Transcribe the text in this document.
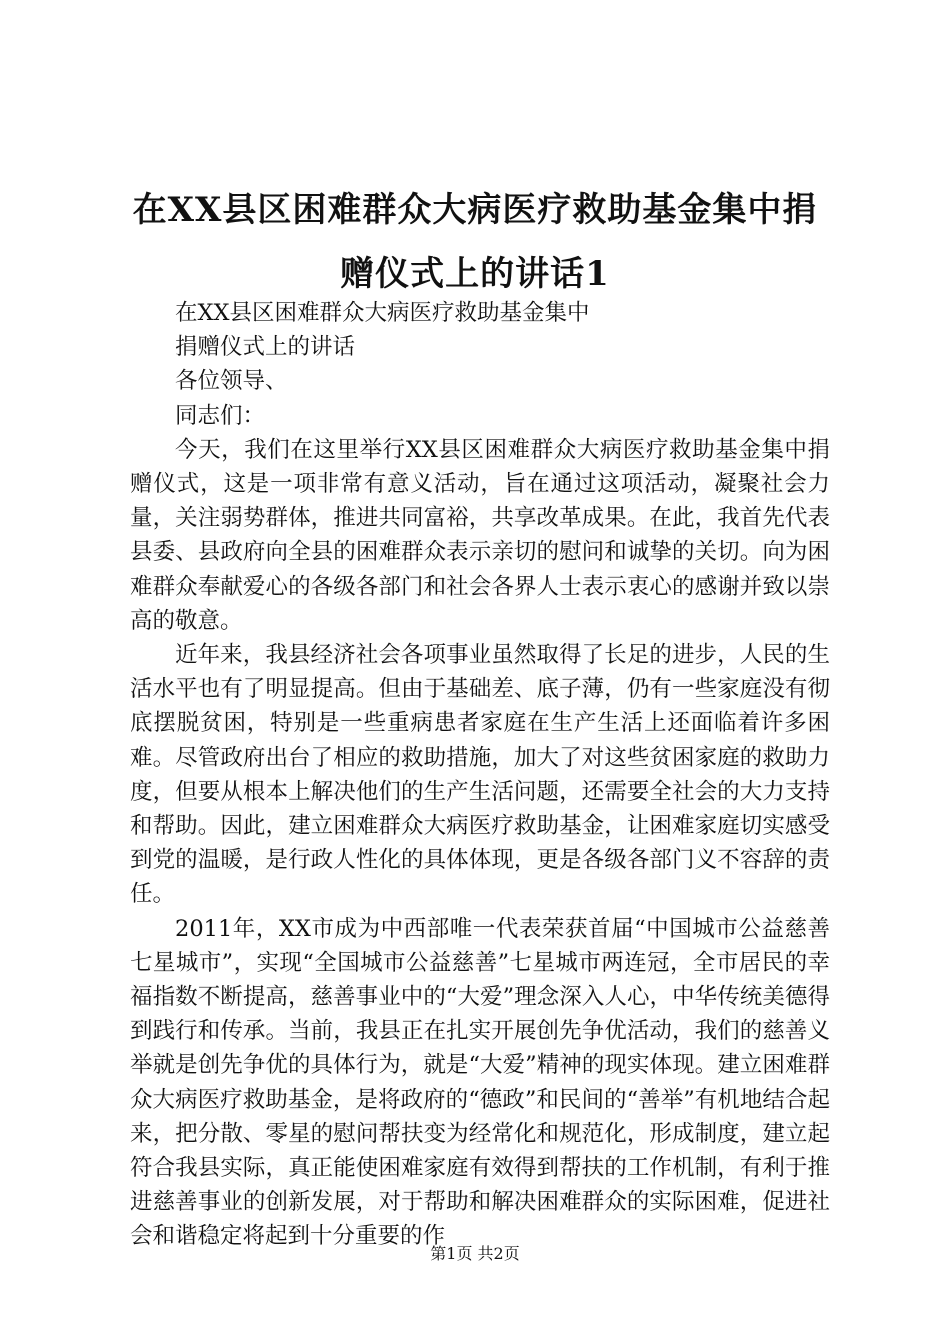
在XX县区困难群众大病医疗救助基金集中捐赠仪式上的讲话1

在XX县区困难群众大病医疗救助基金集中

捐赠仪式上的讲话

各位领导、

同志们：

今天，我们在这里举行XX县区困难群众大病医疗救助基金集中捐赠仪式，这是一项非常有意义活动，旨在通过这项活动，凝聚社会力量，关注弱势群体，推进共同富裕，共享改革成果。在此，我首先代表县委、县政府向全县的困难群众表示亲切的慰问和诚挚的关切。向为困难群众奉献爱心的各级各部门和社会各界人士表示衷心的感谢并致以崇高的敬意。

近年来，我县经济社会各项事业虽然取得了长足的进步，人民的生活水平也有了明显提高。但由于基础差、底子薄，仍有一些家庭没有彻底摆脱贫困，特别是一些重病患者家庭在生产生活上还面临着许多困难。尽管政府出台了相应的救助措施，加大了对这些贫困家庭的救助力度，但要从根本上解决他们的生产生活问题，还需要全社会的大力支持和帮助。因此，建立困难群众大病医疗救助基金，让困难家庭切实感受到党的温暖，是行政人性化的具体体现，更是各级各部门义不容辞的责任。

2011年，XX市成为中西部唯一代表荣获首届“中国城市公益慈善七星城市”，实现“全国城市公益慈善”七星城市两连冠，全市居民的幸福指数不断提高，慈善事业中的“大爱”理念深入人心，中华传统美德得到践行和传承。当前，我县正在扎实开展创先争优活动，我们的慈善义举就是创先争优的具体行为，就是“大爱”精神的现实体现。建立困难群众大病医疗救助基金，是将政府的“德政”和民间的“善举”有机地结合起来，把分散、零星的慰问帮扶变为经常化和规范化，形成制度，建立起符合我县实际，真正能使困难家庭有效得到帮扶的工作机制，有利于推进慈善事业的创新发展，对于帮助和解决困难群众的实际困难，促进社会和谐稳定将起到十分重要的作

第1页 共2页
